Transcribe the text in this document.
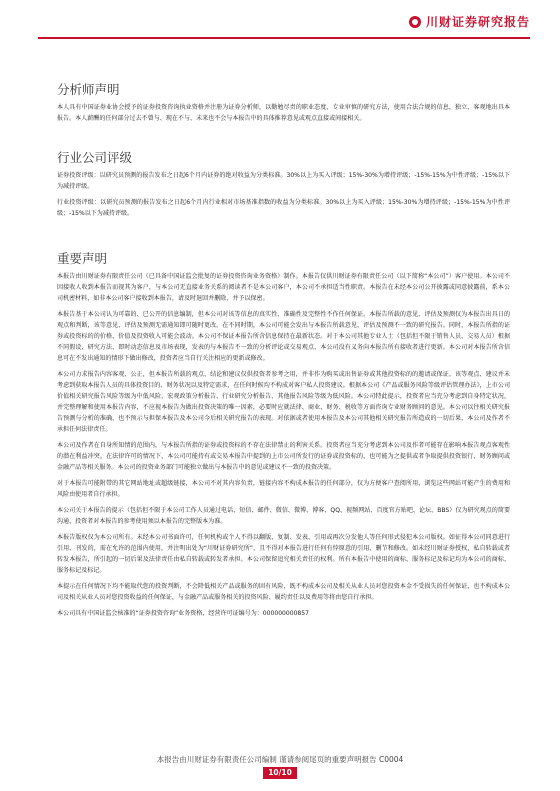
川财证券研究报告
分析师声明

本人具有中国证券业协会授予的证券投资咨询执业资格并注册为证券分析师，以勤勉尽责的职业态度、专业审慎的研究方法，使用合法合规的信息，独立、客观地出具本报告。本人薪酬的任何部分过去不曾与、现在不与、未来也不会与本报告中的具体推荐意见或观点直接或间接相关。

行业公司评级

证券投资评级：以研究员预测的报告发布之日起6个月内证券的绝对收益为分类标准。30%以上为买入评级；15%-30%为增持评级；-15%-15%为中性评级；-15%以下为减持评级。

行业投资评级：以研究员预测的报告发布之日起6个月内行业相对市场基准指数的收益为分类标准。30%以上为买入评级；15%-30%为增持评级；-15%-15%为中性评级；-15%以下为减持评级。

重要声明

本报告由川财证券有限责任公司（已具备中国证监会批复的证券投资咨询业务资格）制作。本报告仅供川财证券有限责任公司（以下简称“本公司”）客户使用。本公司不因接收人收到本报告而视其为客户，与本公司无直接业务关系的阅读者不是本公司客户，本公司不承担适当性职责。本报告在未经本公司公开披露或同意披露前，系本公司机密材料，如非本公司客户接收到本报告，请及时退回并删除，并予以保密。

本报告基于本公司认为可靠的、已公开的信息编制，但本公司对该等信息的真实性、准确性及完整性不作任何保证。本报告所载的意见、评估及预测仅为本报告出具日的观点和判断，该等意见、评估及预测无需通知即可随时更改。在不同时期，本公司可能会发出与本报告所载意见、评估及预测不一致的研究报告。同时，本报告所指的证券或投资标的的价格、价值及投资收入可能会波动。本公司不保证本报告所含信息保持在最新状态。对于本公司其他专业人士（包括但不限于销售人员、交易人员）根据不同假设、研究方法、即时动态信息及市场表现，发表的与本报告不一致的分析评论或交易观点，本公司没有义务向本报告所有接收者进行更新。本公司对本报告所含信息可在不发出通知的情形下做出修改，投资者应当自行关注相应的更新或修改。

本公司力求报告内容客观、公正，但本报告所载的观点、结论和建议仅供投资者参考之用，并非作为购买或出售证券或其他投资标的的邀请或保证。该等观点、建议并未考虑到获取本报告人员的具体投资目的、财务状况以及特定需求，在任何时候均不构成对客户私人投资建议。根据本公司《产品或服务风险等级评估管理办法》，上市公司价值相关研究报告风险等级为中低风险，宏观政策分析报告、行业研究分析报告、其他报告风险等级为低风险。本公司特此提示，投资者应当充分考虑到自身特定状况，并完整理解和使用本报告内容，不应视本报告为做出投资决策的唯一因素，必要时应就法律、商业、财务、税收等方面咨询专业财务顾问的意见。本公司以往相关研究报告预测与分析的准确，也不预示与担保本报告及本公司今后相关研究报告的表现。对依据或者使用本报告及本公司其他相关研究报告所造成的一切后果，本公司及作者不承担任何法律责任。

本公司及作者在自身所知情的范围内，与本报告所指的证券或投资标的不存在法律禁止的利害关系。投资者应当充分考虑到本公司及作者可能存在影响本报告观点客观性的潜在利益冲突。在法律许可的情况下，本公司可能持有或交易本报告中提到的上市公司所发行的证券或投资标的，也可能为之提供或者争取提供投资银行、财务顾问或金融产品等相关服务。本公司的投资业务部门可能独立做出与本报告中的意见或建议不一致的投资决策。

对于本报告可能附带的其它网站地址或超级链接，本公司不对其内容负责，链接内容不构成本报告的任何部分，仅为方便客户查阅所用，浏览这些网站可能产生的费用和风险由使用者自行承担。

本公司关于本报告的提示（包括但不限于本公司工作人员通过电话、短信、邮件、微信、微博、博客、QQ、视频网站、百度官方贴吧、论坛、BBS）仅为研究观点的简要沟通，投资者对本报告的参考使用须以本报告的完整版本为准。

本报告版权仅为本公司所有。未经本公司书面许可，任何机构或个人不得以翻版、复制、发表、引用或再次分发他人等任何形式侵犯本公司版权。如征得本公司同意进行引用、刊发的，需在允许的范围内使用，并注明出处为“川财证券研究所”，且不得对本报告进行任何有悖原意的引用、删节和修改。如未经川财证券授权，私自转载或者转发本报告，所引起的一切后果及法律责任由私自转载或转发者承担。本公司保留追究相关责任的权利。所有本报告中使用的商标、服务标记及标记均为本公司的商标、服务标记及标记。

本提示在任何情况下均不能取代您的投资判断，不会降低相关产品或服务的固有风险，既不构成本公司及相关从业人员对您投资本金不受损失的任何保证，也不构成本公司及相关从业人员对您投资收益的任何保证，与金融产品或服务相关的投资风险、履约责任以及费用等将由您自行承担。

本公司具有中国证监会核准的“证券投资咨询”业务资格，经营许可证编号为：000000000857

本报告由川财证券有限责任公司编制 谨请参阅尾页的重要声明报告 C0004
10/10
